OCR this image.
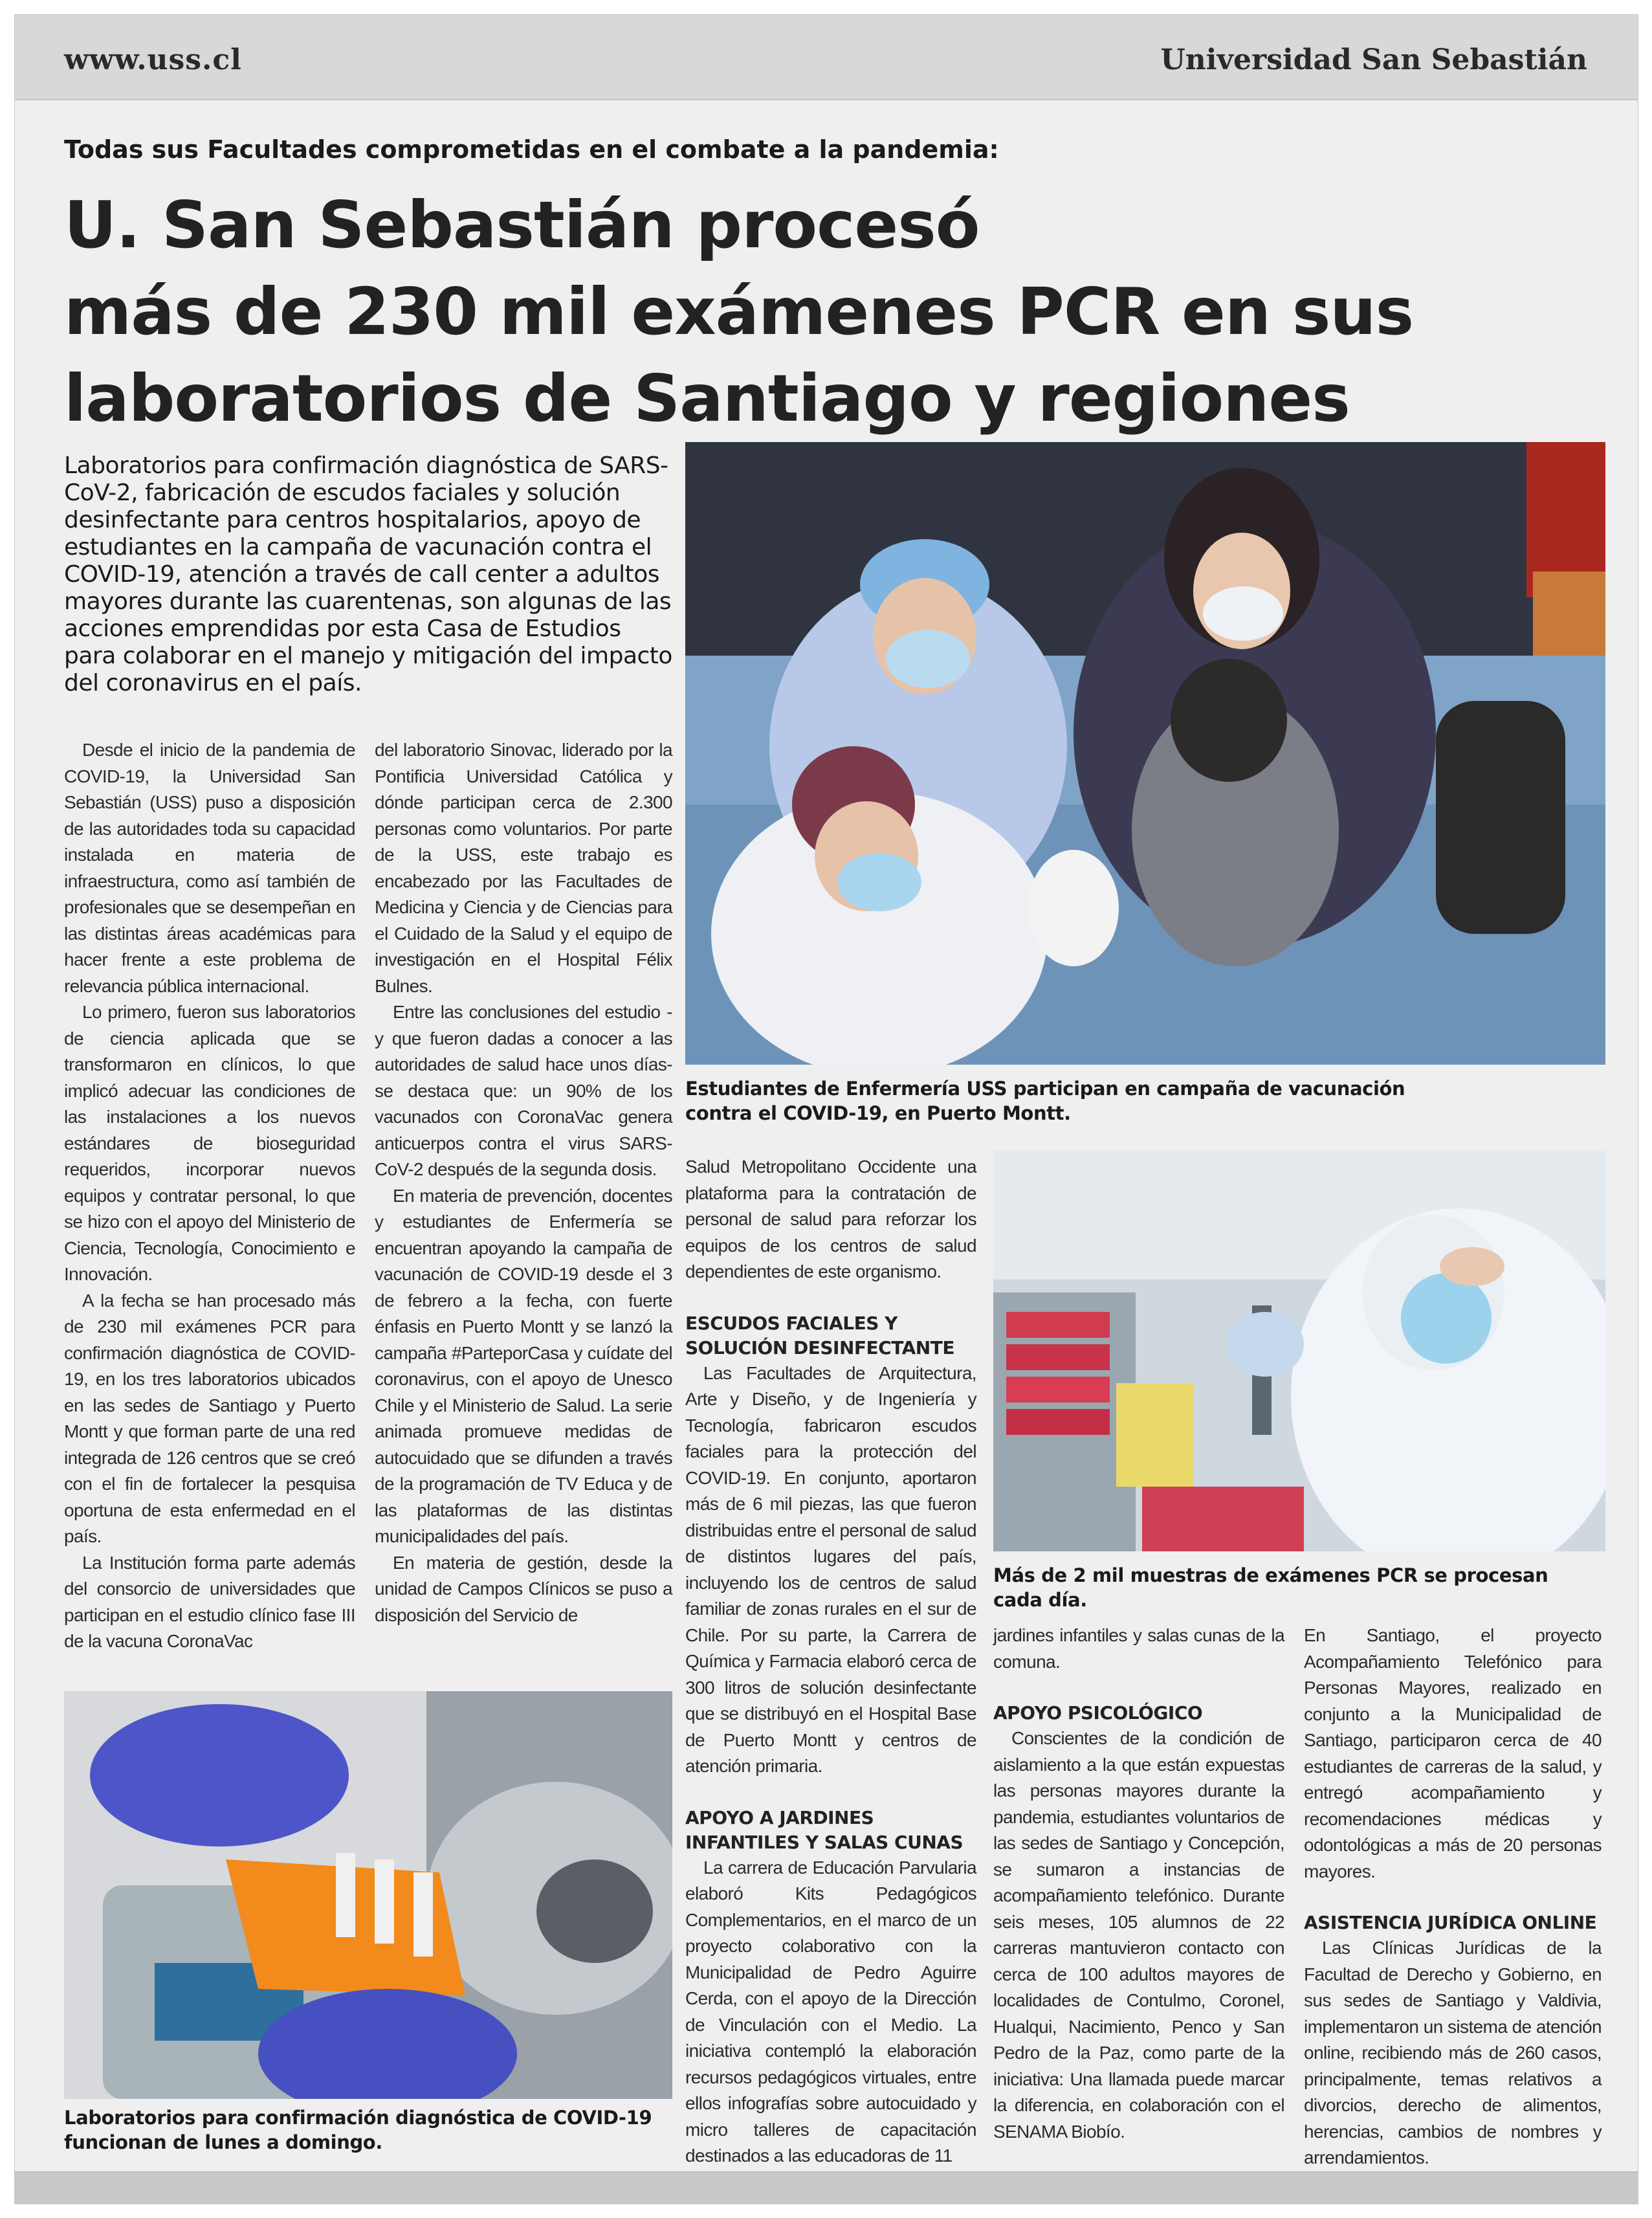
www.uss.cl	Universidad San Sebastián
Todas sus Facultades comprometidas en el combate a la pandemia:
U. San Sebastián procesó
más de 230 mil exámenes PCR en sus
laboratorios de Santiago y regiones
Laboratorios para confirmación diagnóstica de SARS-CoV-2, fabricación de escudos faciales y solución desinfectante para centros hospitalarios, apoyo de estudiantes en la campaña de vacunación contra el COVID-19, atención a través de call center a adultos mayores durante las cuarentenas, son algunas de las acciones emprendidas por esta Casa de Estudios para colaborar en el manejo y mitigación del impacto del coronavirus en el país.
Estudiantes de Enfermería USS participan en campaña de vacunación contra el COVID-19, en Puerto Montt.
Más de 2 mil muestras de exámenes PCR se procesan cada día.
Laboratorios para confirmación diagnóstica de COVID-19 funcionan de lunes a domingo.

Desde el inicio de la pandemia de COVID-19, la Universidad San Sebastián (USS) puso a disposición de las autoridades toda su capacidad instalada en materia de infraestructura, como así también de profesionales que se desempeñan en las distintas áreas académicas para hacer frente a este problema de relevancia pública internacional.

Lo primero, fueron sus laboratorios de ciencia aplicada que se transformaron en clínicos, lo que implicó adecuar las condiciones de las instalaciones a los nuevos estándares de bioseguridad requeridos, incorporar nuevos equipos y contratar personal, lo que se hizo con el apoyo del Ministerio de Ciencia, Tecnología, Conocimiento e Innovación.

A la fecha se han procesado más de 230 mil exámenes PCR para confirmación diagnóstica de COVID-19, en los tres laboratorios ubicados en las sedes de Santiago y Puerto Montt y que forman parte de una red integrada de 126 centros que se creó con el fin de fortalecer la pesquisa oportuna de esta enfermedad en el país.

La Institución forma parte además del consorcio de universidades que participan en el estudio clínico fase III de la vacuna CoronaVac

del laboratorio Sinovac, liderado por la Pontificia Universidad Católica y dónde participan cerca de 2.300 personas como voluntarios. Por parte de la USS, este trabajo es encabezado por las Facultades de Medicina y Ciencia y de Ciencias para el Cuidado de la Salud y el equipo de investigación en el Hospital Félix Bulnes.

Entre las conclusiones del estudio -y que fueron dadas a conocer a las autoridades de salud hace unos días- se destaca que: un 90% de los vacunados con CoronaVac genera anticuerpos contra el virus SARS-CoV-2 después de la segunda dosis.

En materia de prevención, docentes y estudiantes de Enfermería se encuentran apoyando la campaña de vacunación de COVID-19 desde el 3 de febrero a la fecha, con fuerte énfasis en Puerto Montt y se lanzó la campaña #ParteporCasa y cuídate del coronavirus, con el apoyo de Unesco Chile y el Ministerio de Salud. La serie animada promueve medidas de autocuidado que se difunden a través de la programación de TV Educa y de las plataformas de las distintas municipalidades del país.

En materia de gestión, desde la unidad de Campos Clínicos se puso a disposición del Servicio de

Salud Metropolitano Occidente una plataforma para la contratación de personal de salud para reforzar los equipos de los centros de salud dependientes de este organismo.

ESCUDOS FACIALES Y SOLUCIÓN DESINFECTANTE

Las Facultades de Arquitectura, Arte y Diseño, y de Ingeniería y Tecnología, fabricaron escudos faciales para la protección del COVID-19. En conjunto, aportaron más de 6 mil piezas, las que fueron distribuidas entre el personal de salud de distintos lugares del país, incluyendo los de centros de salud familiar de zonas rurales en el sur de Chile. Por su parte, la Carrera de Química y Farmacia elaboró cerca de 300 litros de solución desinfectante que se distribuyó en el Hospital Base de Puerto Montt y centros de atención primaria.

APOYO A JARDINES INFANTILES Y SALAS CUNAS

La carrera de Educación Parvularia elaboró Kits Pedagógicos Complementarios, en el marco de un proyecto colaborativo con la Municipalidad de Pedro Aguirre Cerda, con el apoyo de la Dirección de Vinculación con el Medio. La iniciativa contempló la elaboración recursos pedagógicos virtuales, entre ellos infografías sobre autocuidado y micro talleres de capacitación destinados a las educadoras de 11

jardines infantiles y salas cunas de la comuna.

APOYO PSICOLÓGICO

Conscientes de la condición de aislamiento a la que están expuestas las personas mayores durante la pandemia, estudiantes voluntarios de las sedes de Santiago y Concepción, se sumaron a instancias de acompañamiento telefónico. Durante seis meses, 105 alumnos de 22 carreras mantuvieron contacto con cerca de 100 adultos mayores de localidades de Contulmo, Coronel, Hualqui, Nacimiento, Penco y San Pedro de la Paz, como parte de la iniciativa: Una llamada puede marcar la diferencia, en colaboración con el SENAMA Biobío.

En Santiago, el proyecto Acompañamiento Telefónico para Personas Mayores, realizado en conjunto a la Municipalidad de Santiago, participaron cerca de 40 estudiantes de carreras de la salud, y entregó acompañamiento y recomendaciones médicas y odontológicas a más de 20 personas mayores.

ASISTENCIA JURÍDICA ONLINE

Las Clínicas Jurídicas de la Facultad de Derecho y Gobierno, en sus sedes de Santiago y Valdivia, implementaron un sistema de atención online, recibiendo más de 260 casos, principalmente, temas relativos a divorcios, derecho de alimentos, herencias, cambios de nombres y arrendamientos.
